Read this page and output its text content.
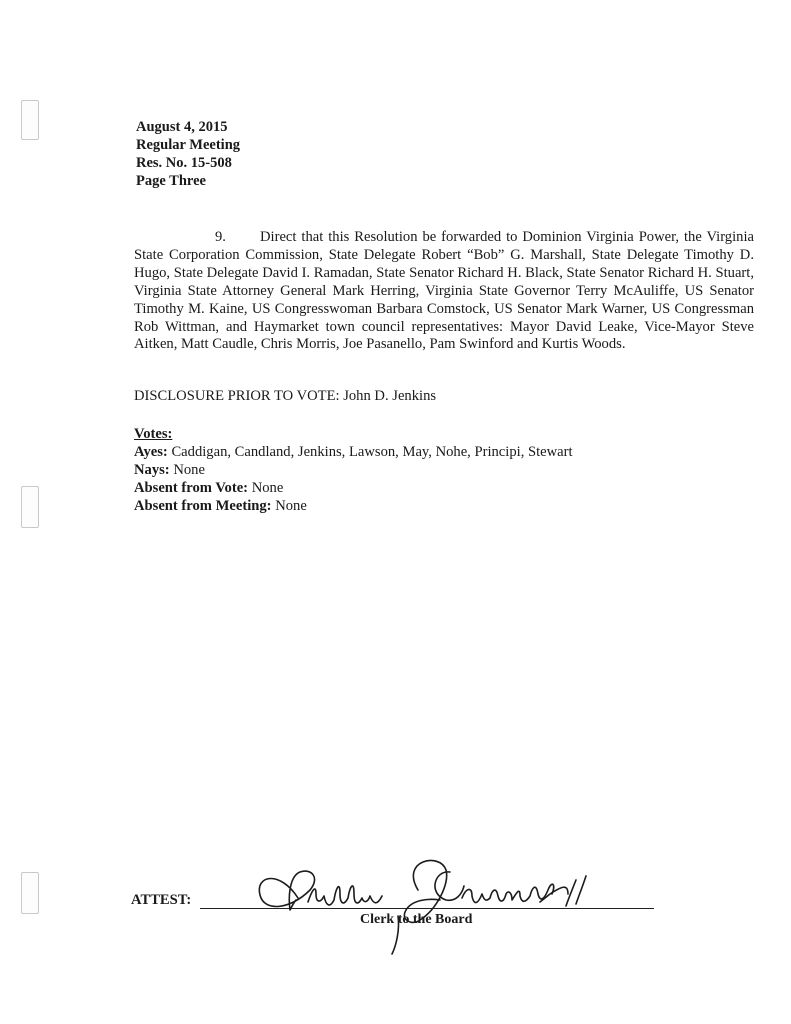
August 4, 2015
Regular Meeting
Res. No. 15-508
Page Three
9. Direct that this Resolution be forwarded to Dominion Virginia Power, the Virginia State Corporation Commission, State Delegate Robert “Bob” G. Marshall, State Delegate Timothy D. Hugo, State Delegate David I. Ramadan, State Senator Richard H. Black, State Senator Richard H. Stuart, Virginia State Attorney General Mark Herring, Virginia State Governor Terry McAuliffe, US Senator Timothy M. Kaine, US Congresswoman Barbara Comstock, US Senator Mark Warner, US Congressman Rob Wittman, and Haymarket town council representatives: Mayor David Leake, Vice-Mayor Steve Aitken, Matt Caudle, Chris Morris, Joe Pasanello, Pam Swinford and Kurtis Woods.
DISCLOSURE PRIOR TO VOTE: John D. Jenkins
Votes:
Ayes: Caddigan, Candland, Jenkins, Lawson, May, Nohe, Principi, Stewart
Nays: None
Absent from Vote: None
Absent from Meeting: None
ATTEST:
Clerk to the Board
